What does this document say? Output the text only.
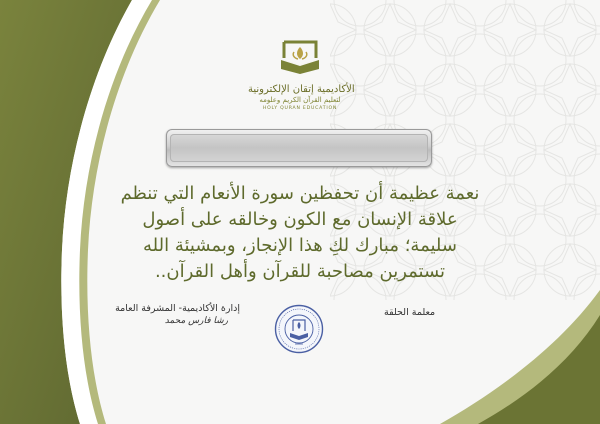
الأكاديمية إتقان الإلكترونية
لتعليم القرآن الكريم وعلومه
HOLY QURAN EDUCATION

نعمة عظيمة أن تحفظين سورة الأنعام التي تنظم
علاقة الإنسان مع الكون وخالقه على أصول
سليمة؛ مبارك لكِ هذا الإنجاز، وبمشيئة الله
تستمرين مصاحبة للقرآن وأهل القرآن..

إدارة الأكاديمية- المشرفة العامة
رشا فارس محمد
معلمة الحلقة
